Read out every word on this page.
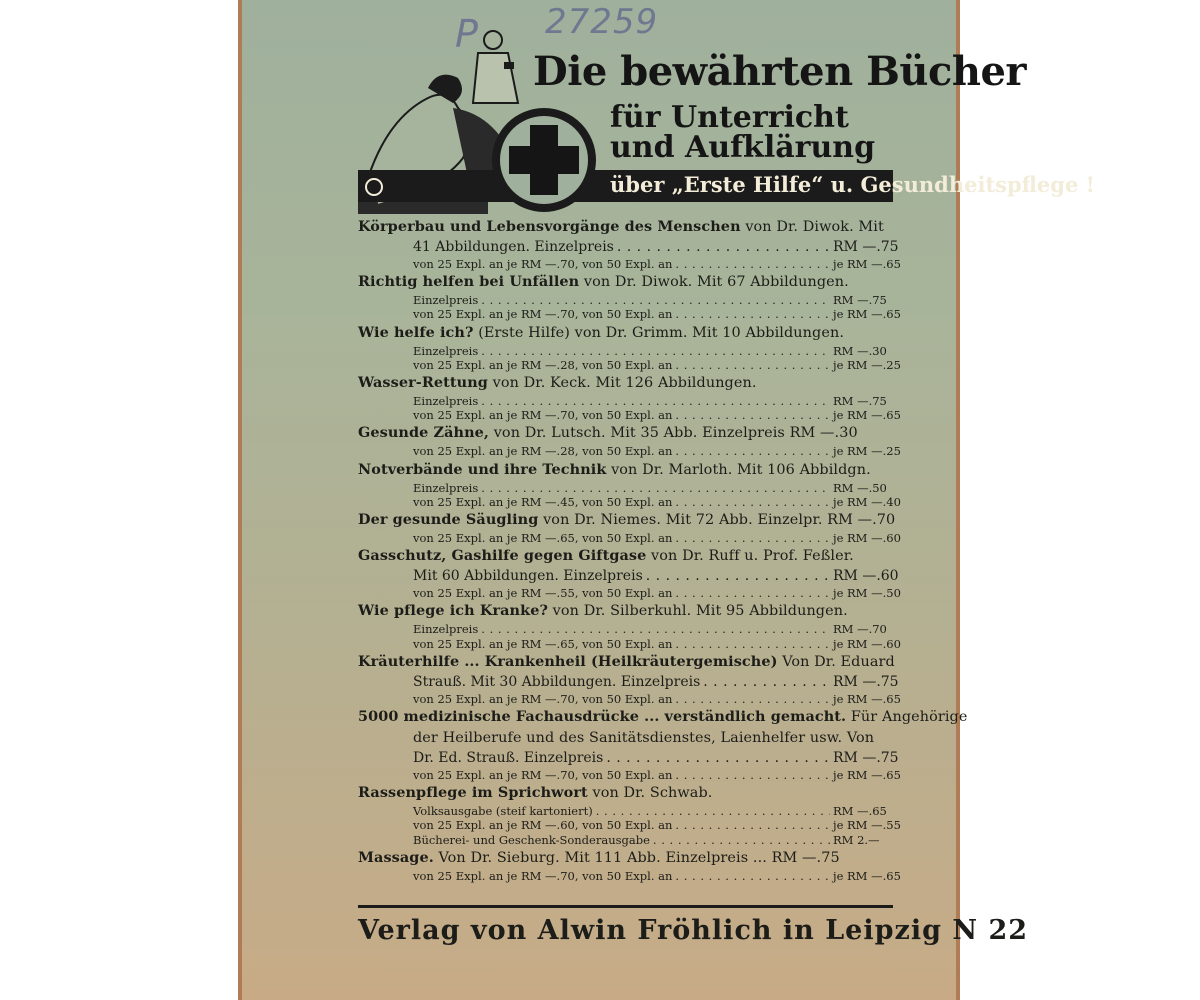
P 27259
Die bewährten Bücher
für Unterricht
und Aufklärung
über „Erste Hilfe“ u. Gesundheitspflege !
Körperbau und Lebensvorgänge des Menschen von Dr. Diwok. Mit
41 Abbildungen. Einzelpreis . . .	RM —.75
von 25 Expl. an je RM —.70, von 50 Expl. an . . .	je RM —.65
Richtig helfen bei Unfällen von Dr. Diwok. Mit 67 Abbildungen.
Einzelpreis . . .	RM —.75
von 25 Expl. an je RM —.70, von 50 Expl. an . . .	je RM —.65
Wie helfe ich? (Erste Hilfe) von Dr. Grimm. Mit 10 Abbildungen.
Einzelpreis . . .	RM —.30
von 25 Expl. an je RM —.28, von 50 Expl. an . . .	je RM —.25
Wasser-Rettung von Dr. Keck. Mit 126 Abbildungen.
Einzelpreis . . .	RM —.75
von 25 Expl. an je RM —.70, von 50 Expl. an . . .	je RM —.65
Gesunde Zähne, von Dr. Lutsch. Mit 35 Abb. Einzelpreis RM —.30
von 25 Expl. an je RM —.28, von 50 Expl. an . . .	je RM —.25
Notverbände und ihre Technik von Dr. Marloth. Mit 106 Abbildgn.
Einzelpreis . . .	RM —.50
von 25 Expl. an je RM —.45, von 50 Expl. an . . .	je RM —.40
Der gesunde Säugling von Dr. Niemes. Mit 72 Abb. Einzelpr. RM —.70
von 25 Expl. an je RM —.65, von 50 Expl. an . . .	je RM —.60
Gasschutz, Gashilfe gegen Giftgase von Dr. Ruff u. Prof. Feßler.
Mit 60 Abbildungen. Einzelpreis . . .	RM —.60
von 25 Expl. an je RM —.55, von 50 Expl. an . . .	je RM —.50
Wie pflege ich Kranke? von Dr. Silberkuhl. Mit 95 Abbildungen.
Einzelpreis . . .	RM —.70
von 25 Expl. an je RM —.65, von 50 Expl. an . . .	je RM —.60
Kräuterhilfe ... Krankenheil (Heilkräutergemische) Von Dr. Eduard
Strauß. Mit 30 Abbildungen. Einzelpreis . . .	RM —.75
von 25 Expl. an je RM —.70, von 50 Expl. an . . .	je RM —.65
5000 medizinische Fachausdrücke ... verständlich gemacht. Für Angehörige
der Heilberufe und des Sanitätsdienstes, Laienhelfer usw. Von
Dr. Ed. Strauß. Einzelpreis . . .	RM —.75
von 25 Expl. an je RM —.70, von 50 Expl. an . . .	je RM —.65
Rassenpflege im Sprichwort von Dr. Schwab.
Volksausgabe (steif kartoniert) . . .	RM —.65
von 25 Expl. an je RM —.60, von 50 Expl. an . . .	je RM —.55
Bücherei- und Geschenk-Sonderausgabe . . .	RM 2.—
Massage. Von Dr. Sieburg. Mit 111 Abb. Einzelpreis ... RM —.75
von 25 Expl. an je RM —.70, von 50 Expl. an . . .	je RM —.65
Verlag von Alwin Fröhlich in Leipzig N 22
